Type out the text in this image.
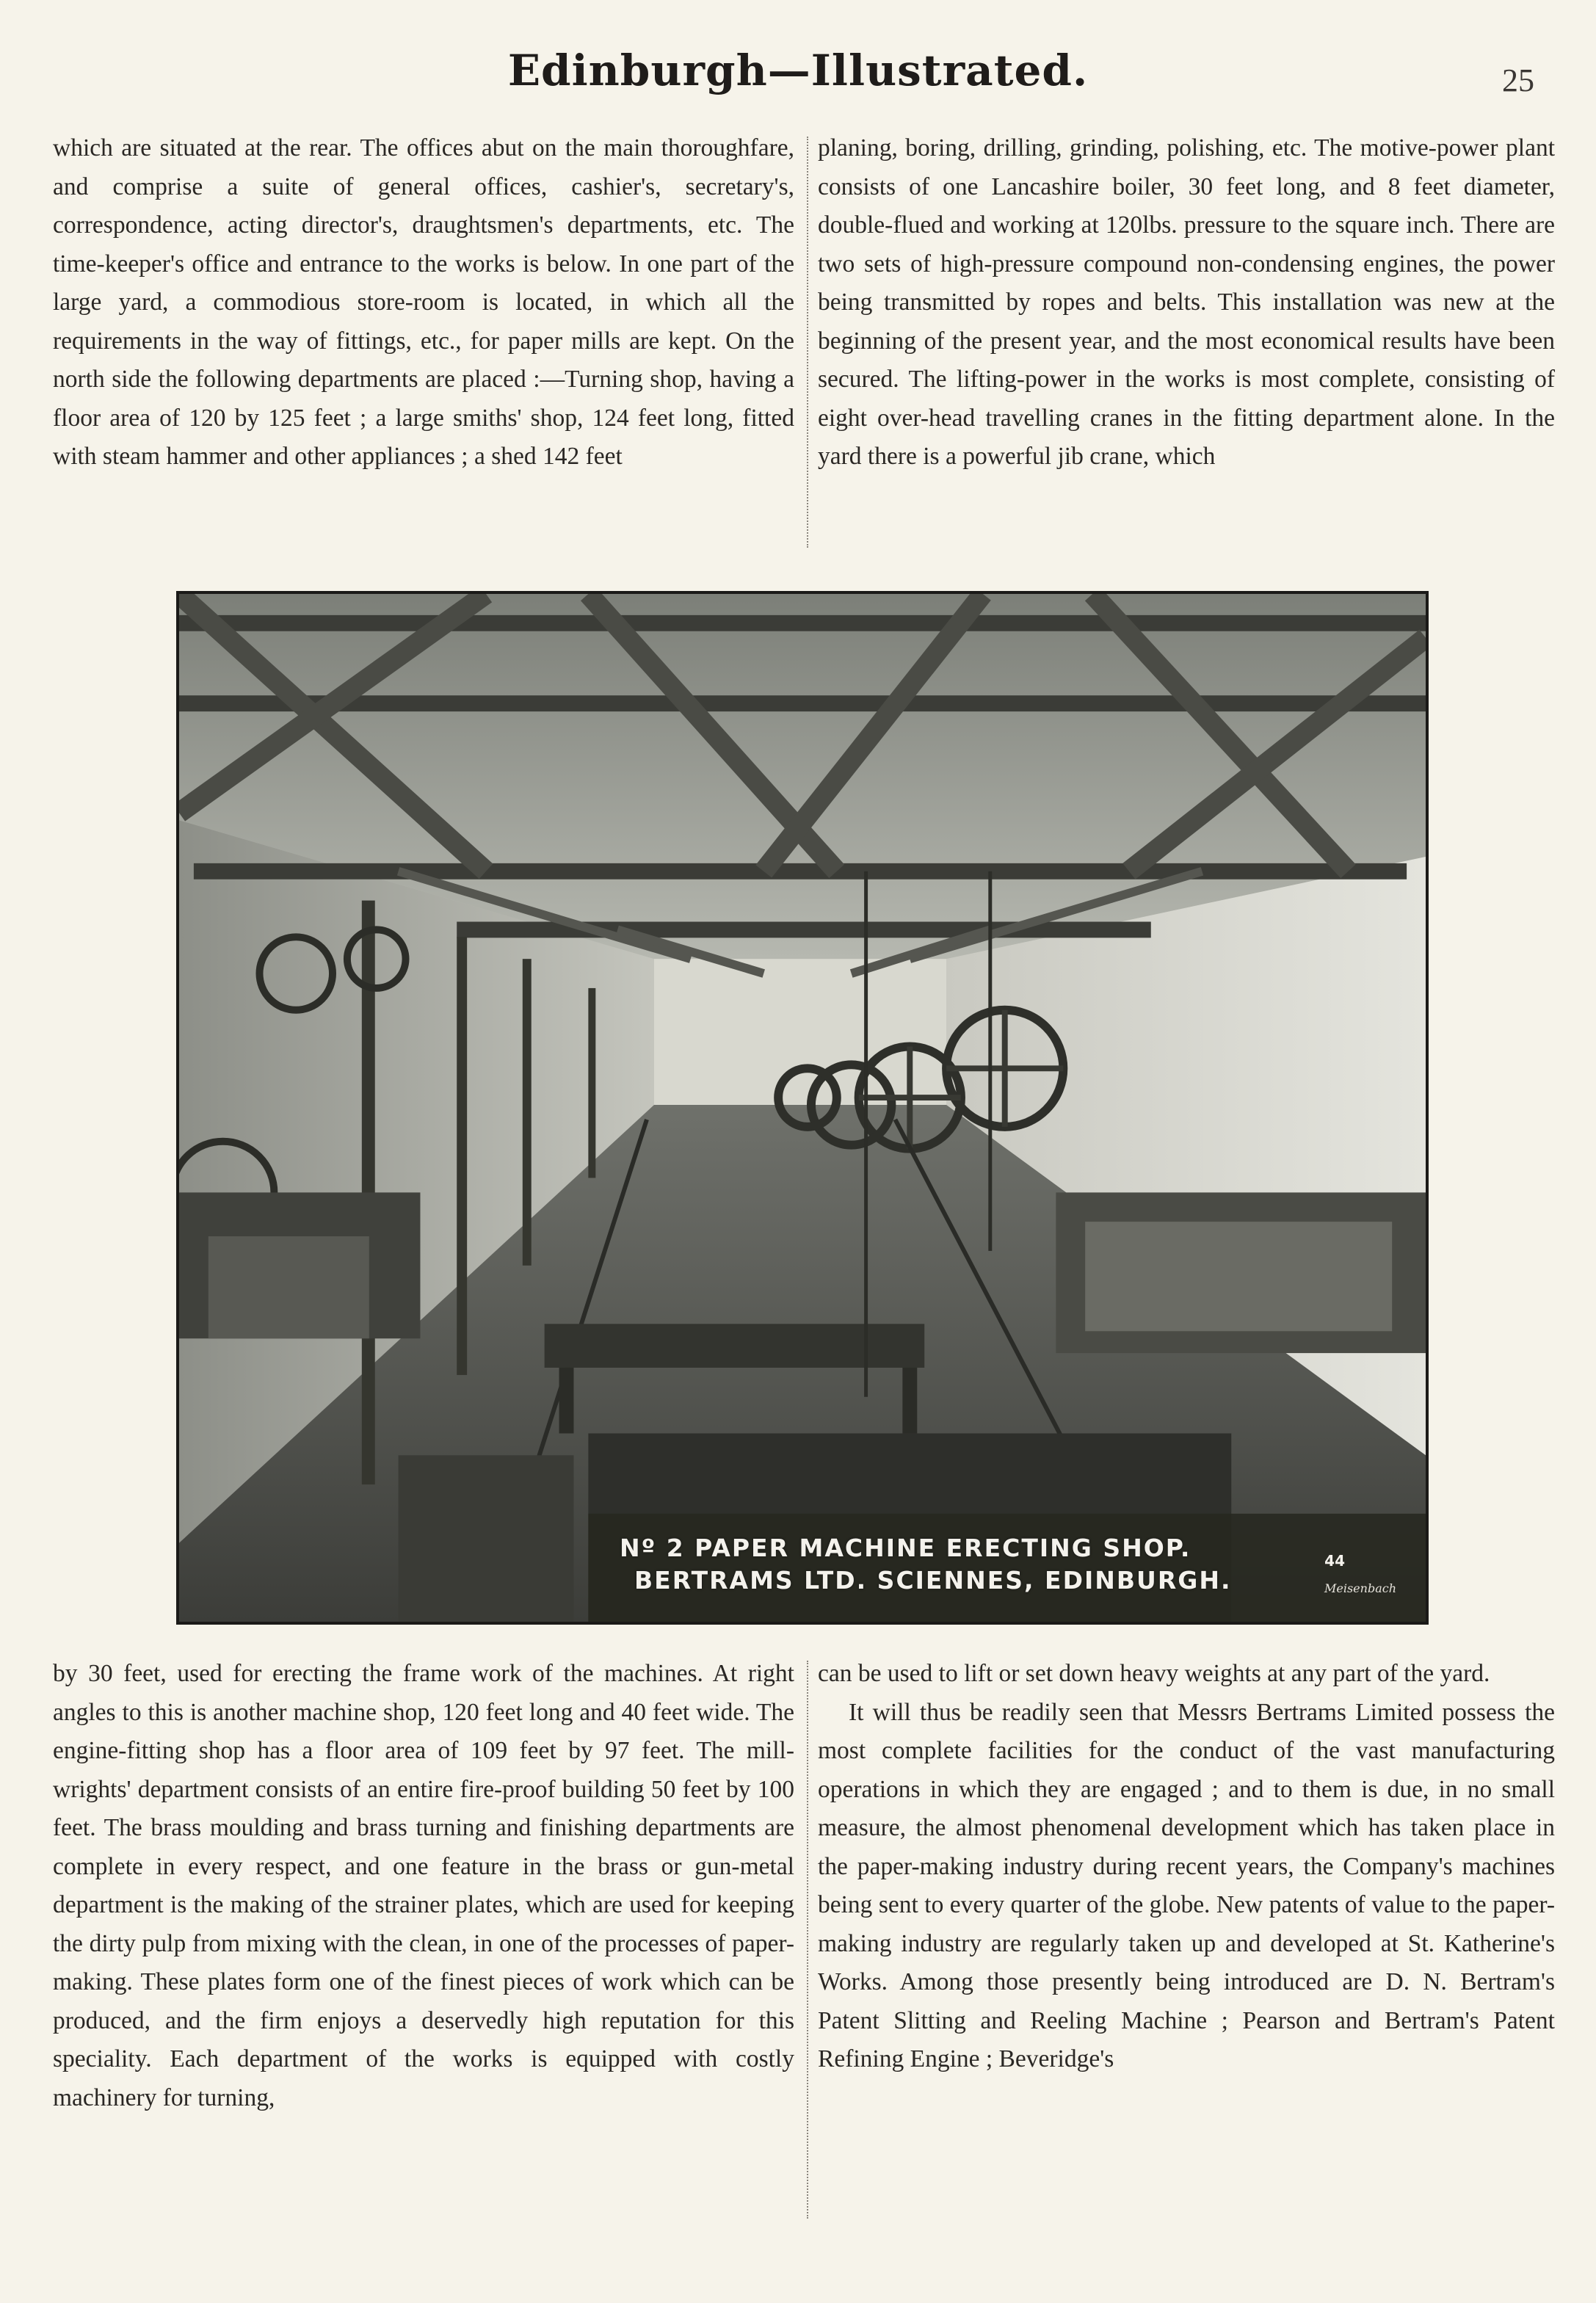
Edinburgh—Illustrated.	25

which are situated at the rear. The offices abut on the main thoroughfare, and comprise a suite of general offices, cashier's, secretary's, correspondence, acting director's, draughtsmen's departments, etc. The time-keeper's office and entrance to the works is below. In one part of the large yard, a commodious store-room is located, in which all the requirements in the way of fittings, etc., for paper mills are kept. On the north side the following departments are placed :—Turning shop, having a floor area of 120 by 125 feet ; a large smiths' shop, 124 feet long, fitted with steam hammer and other appliances ; a shed 142 feet

planing, boring, drilling, grinding, polishing, etc. The motive-power plant consists of one Lancashire boiler, 30 feet long, and 8 feet diameter, double-flued and working at 120lbs. pressure to the square inch. There are two sets of high-pressure compound non-condensing engines, the power being transmitted by ropes and belts. This installation was new at the beginning of the present year, and the most economical results have been secured. The lifting-power in the works is most complete, consisting of eight over-head travelling cranes in the fitting department alone. In the yard there is a powerful jib crane, which

Nº 2 PAPER MACHINE ERECTING SHOP.
BERTRAMS LTD. SCIENNES, EDINBURGH.
44
Meisenbach

by 30 feet, used for erecting the frame work of the machines. At right angles to this is another machine shop, 120 feet long and 40 feet wide. The engine-fitting shop has a floor area of 109 feet by 97 feet. The mill-wrights' department consists of an entire fire-proof building 50 feet by 100 feet. The brass moulding and brass turning and finishing departments are complete in every respect, and one feature in the brass or gun-metal department is the making of the strainer plates, which are used for keeping the dirty pulp from mixing with the clean, in one of the processes of paper-making. These plates form one of the finest pieces of work which can be produced, and the firm enjoys a deservedly high reputation for this speciality. Each department of the works is equipped with costly machinery for turning,

can be used to lift or set down heavy weights at any part of the yard.

It will thus be readily seen that Messrs Bertrams Limited possess the most complete facilities for the conduct of the vast manufacturing operations in which they are engaged ; and to them is due, in no small measure, the almost phenomenal development which has taken place in the paper-making industry during recent years, the Company's machines being sent to every quarter of the globe. New patents of value to the paper-making industry are regularly taken up and developed at St. Katherine's Works. Among those presently being introduced are D. N. Bertram's Patent Slitting and Reeling Machine ; Pearson and Bertram's Patent Refining Engine ; Beveridge's
